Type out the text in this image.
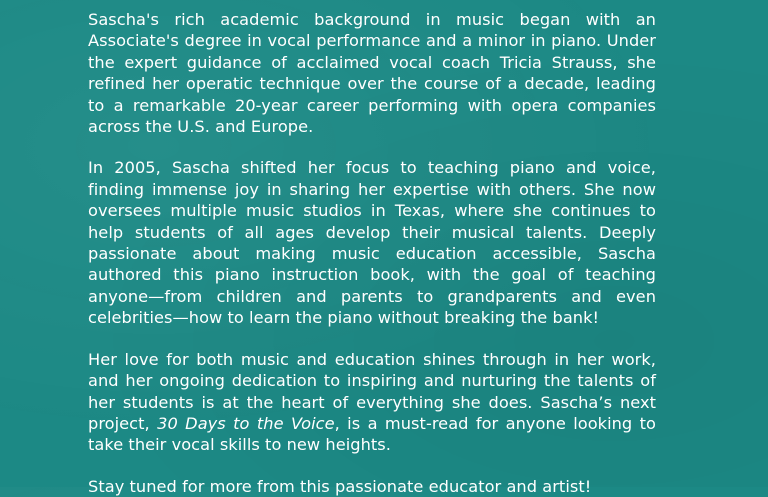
Sascha's rich academic background in music began with an Associate's degree in vocal performance and a minor in piano. Under the expert guidance of acclaimed vocal coach Tricia Strauss, she refined her operatic technique over the course of a decade, leading to a remarkable 20-year career performing with opera companies across the U.S. and Europe.

In 2005, Sascha shifted her focus to teaching piano and voice, finding immense joy in sharing her expertise with others. She now oversees multiple music studios in Texas, where she continues to help students of all ages develop their musical talents. Deeply passionate about making music education accessible, Sascha authored this piano instruction book, with the goal of teaching anyone—from children and parents to grandparents and even celebrities—how to learn the piano without breaking the bank!

Her love for both music and education shines through in her work, and her ongoing dedication to inspiring and nurturing the talents of her students is at the heart of everything she does. Sascha’s next project, 30 Days to the Voice, is a must-read for anyone looking to take their vocal skills to new heights.

Stay tuned for more from this passionate educator and artist!
